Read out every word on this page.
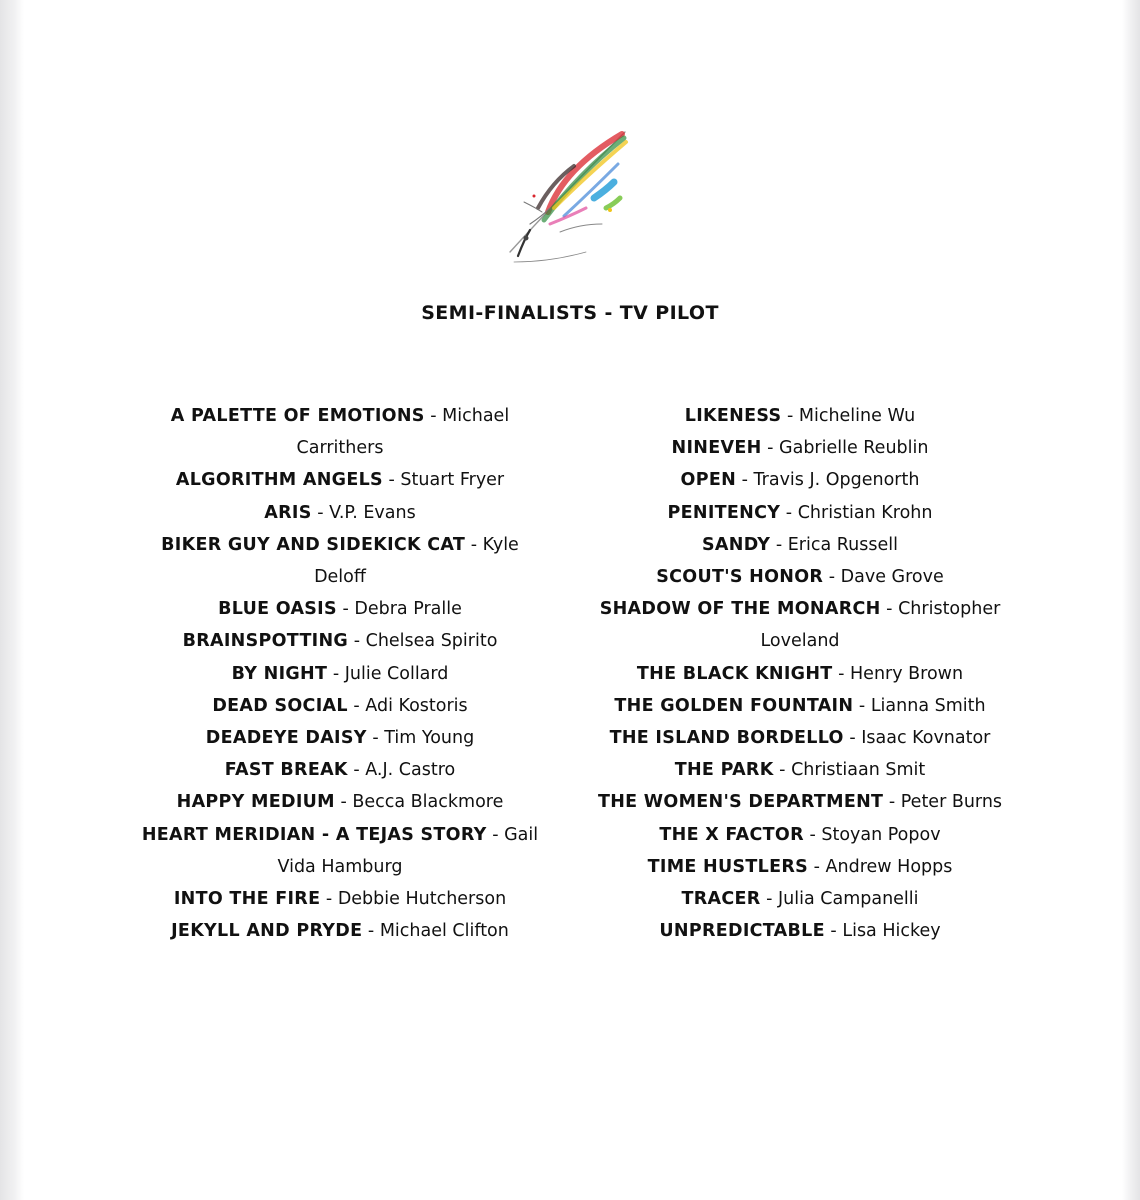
SEMI-FINALISTS - TV PILOT

A PALETTE OF EMOTIONS - Michael Carrithers

ALGORITHM ANGELS - Stuart Fryer

ARIS - V.P. Evans

BIKER GUY AND SIDEKICK CAT - Kyle Deloff

BLUE OASIS - Debra Pralle

BRAINSPOTTING - Chelsea Spirito

BY NIGHT - Julie Collard

DEAD SOCIAL - Adi Kostoris

DEADEYE DAISY - Tim Young

FAST BREAK - A.J. Castro

HAPPY MEDIUM - Becca Blackmore

HEART MERIDIAN - A TEJAS STORY - Gail Vida Hamburg

INTO THE FIRE - Debbie Hutcherson

JEKYLL AND PRYDE - Michael Clifton

LIKENESS - Micheline Wu

NINEVEH - Gabrielle Reublin

OPEN - Travis J. Opgenorth

PENITENCY - Christian Krohn

SANDY - Erica Russell

SCOUT'S HONOR - Dave Grove

SHADOW OF THE MONARCH - Christopher Loveland

THE BLACK KNIGHT - Henry Brown

THE GOLDEN FOUNTAIN - Lianna Smith

THE ISLAND BORDELLO - Isaac Kovnator

THE PARK - Christiaan Smit

THE WOMEN'S DEPARTMENT - Peter Burns

THE X FACTOR - Stoyan Popov

TIME HUSTLERS - Andrew Hopps

TRACER - Julia Campanelli

UNPREDICTABLE - Lisa Hickey
